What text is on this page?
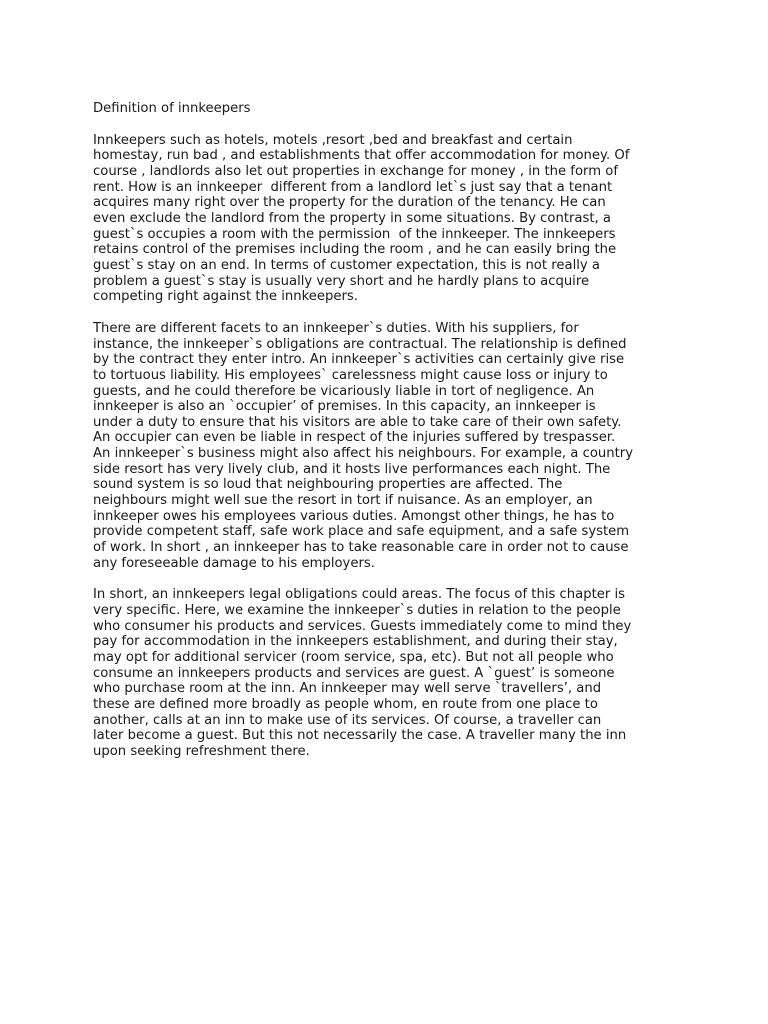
Definition of innkeepers

Innkeepers such as hotels, motels ,resort ,bed and breakfast and certain
homestay, run bad , and establishments that offer accommodation for money. Of
course , landlords also let out properties in exchange for money , in the form of
rent. How is an innkeeper  different from a landlord let`s just say that a tenant
acquires many right over the property for the duration of the tenancy. He can
even exclude the landlord from the property in some situations. By contrast, a
guest`s occupies a room with the permission  of the innkeeper. The innkeepers
retains control of the premises including the room , and he can easily bring the
guest`s stay on an end. In terms of customer expectation, this is not really a
problem a guest`s stay is usually very short and he hardly plans to acquire
competing right against the innkeepers.

There are different facets to an innkeeper`s duties. With his suppliers, for
instance, the innkeeper`s obligations are contractual. The relationship is defined
by the contract they enter intro. An innkeeper`s activities can certainly give rise
to tortuous liability. His employees` carelessness might cause loss or injury to
guests, and he could therefore be vicariously liable in tort of negligence. An
innkeeper is also an `occupier’ of premises. In this capacity, an innkeeper is
under a duty to ensure that his visitors are able to take care of their own safety.
An occupier can even be liable in respect of the injuries suffered by trespasser.
An innkeeper`s business might also affect his neighbours. For example, a country
side resort has very lively club, and it hosts live performances each night. The
sound system is so loud that neighbouring properties are affected. The
neighbours might well sue the resort in tort if nuisance. As an employer, an
innkeeper owes his employees various duties. Amongst other things, he has to
provide competent staff, safe work place and safe equipment, and a safe system
of work. In short , an innkeeper has to take reasonable care in order not to cause
any foreseeable damage to his employers.

In short, an innkeepers legal obligations could areas. The focus of this chapter is
very specific. Here, we examine the innkeeper`s duties in relation to the people
who consumer his products and services. Guests immediately come to mind they
pay for accommodation in the innkeepers establishment, and during their stay,
may opt for additional servicer (room service, spa, etc). But not all people who
consume an innkeepers products and services are guest. A `guest’ is someone
who purchase room at the inn. An innkeeper may well serve `travellers’, and
these are defined more broadly as people whom, en route from one place to
another, calls at an inn to make use of its services. Of course, a traveller can
later become a guest. But this not necessarily the case. A traveller many the inn
upon seeking refreshment there.
